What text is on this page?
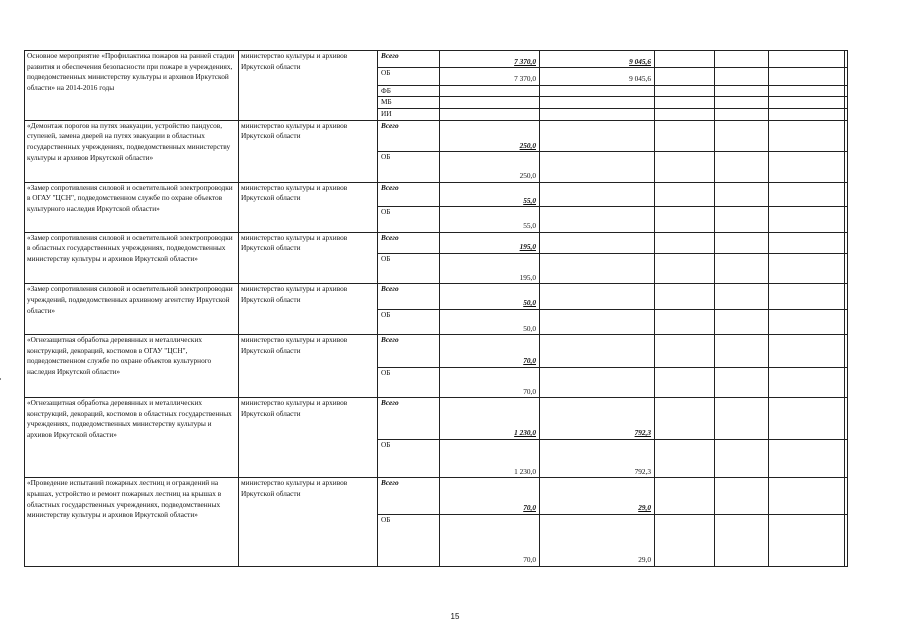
Основное мероприятие «Профилактика пожаров на ранней стадии развития и обеспечения безопасности при пожаре в учреждениях, подведомственных министерству культуры и архивов Иркутской области» на 2014-2016 годы	министерство культуры и архивов Иркутской области	Всего	7 370,0	9 045,6				
		ОБ	7 370,0	9 045,6				
		ФБ						
		МБ						
		ИИ						
«Демонтаж порогов на путях эвакуации, устройство пандусов, ступеней, замена дверей на путях эвакуации в областных государственных учреждениях, подведомственных министерству культуры и архивов Иркутской области»	министерство культуры и архивов Иркутской области	Всего	250,0					
		ОБ	250,0					
«Замер сопротивления силовой и осветительной электропроводки в ОГАУ "ЦСН", подведомственном службе по охране объектов культурного наследия Иркутской области»	министерство культуры и архивов Иркутской области	Всего	55,0					
		ОБ	55,0					
«Замер сопротивления силовой и осветительной электропроводки в областных государственных учреждениях, подведомственных министерству культуры и архивов Иркутской области»	министерство культуры и архивов Иркутской области	Всего	195,0					
		ОБ	195,0					
«Замер сопротивления силовой и осветительной электропроводки учреждений, подведомственных архивному агентству Иркутской области»	министерство культуры и архивов Иркутской области	Всего	50,0					
		ОБ	50,0					
«Огнезащитная обработка деревянных и металлических конструкций, декораций, костюмов в ОГАУ "ЦСН", подведомственном службе по охране объектов культурного наследия Иркутской области»	министерство культуры и архивов Иркутской области	Всего	70,0					
		ОБ	70,0					
«Огнезащитная обработка деревянных и металлических конструкций, декораций, костюмов в областных государственных учреждениях, подведомственных министерству культуры и архивов Иркутской области»	министерство культуры и архивов Иркутской области	Всего	1 230,0	792,3				
		ОБ	1 230,0	792,3				
«Проведение испытаний пожарных лестниц и ограждений на крышах, устройство и ремонт пожарных лестниц на крышах в областных государственных учреждениях, подведомственных министерству культуры и архивов Иркутской области»	министерство культуры и архивов Иркутской области	Всего	70,0	29,0				
		ОБ	70,0	29,0				
15
